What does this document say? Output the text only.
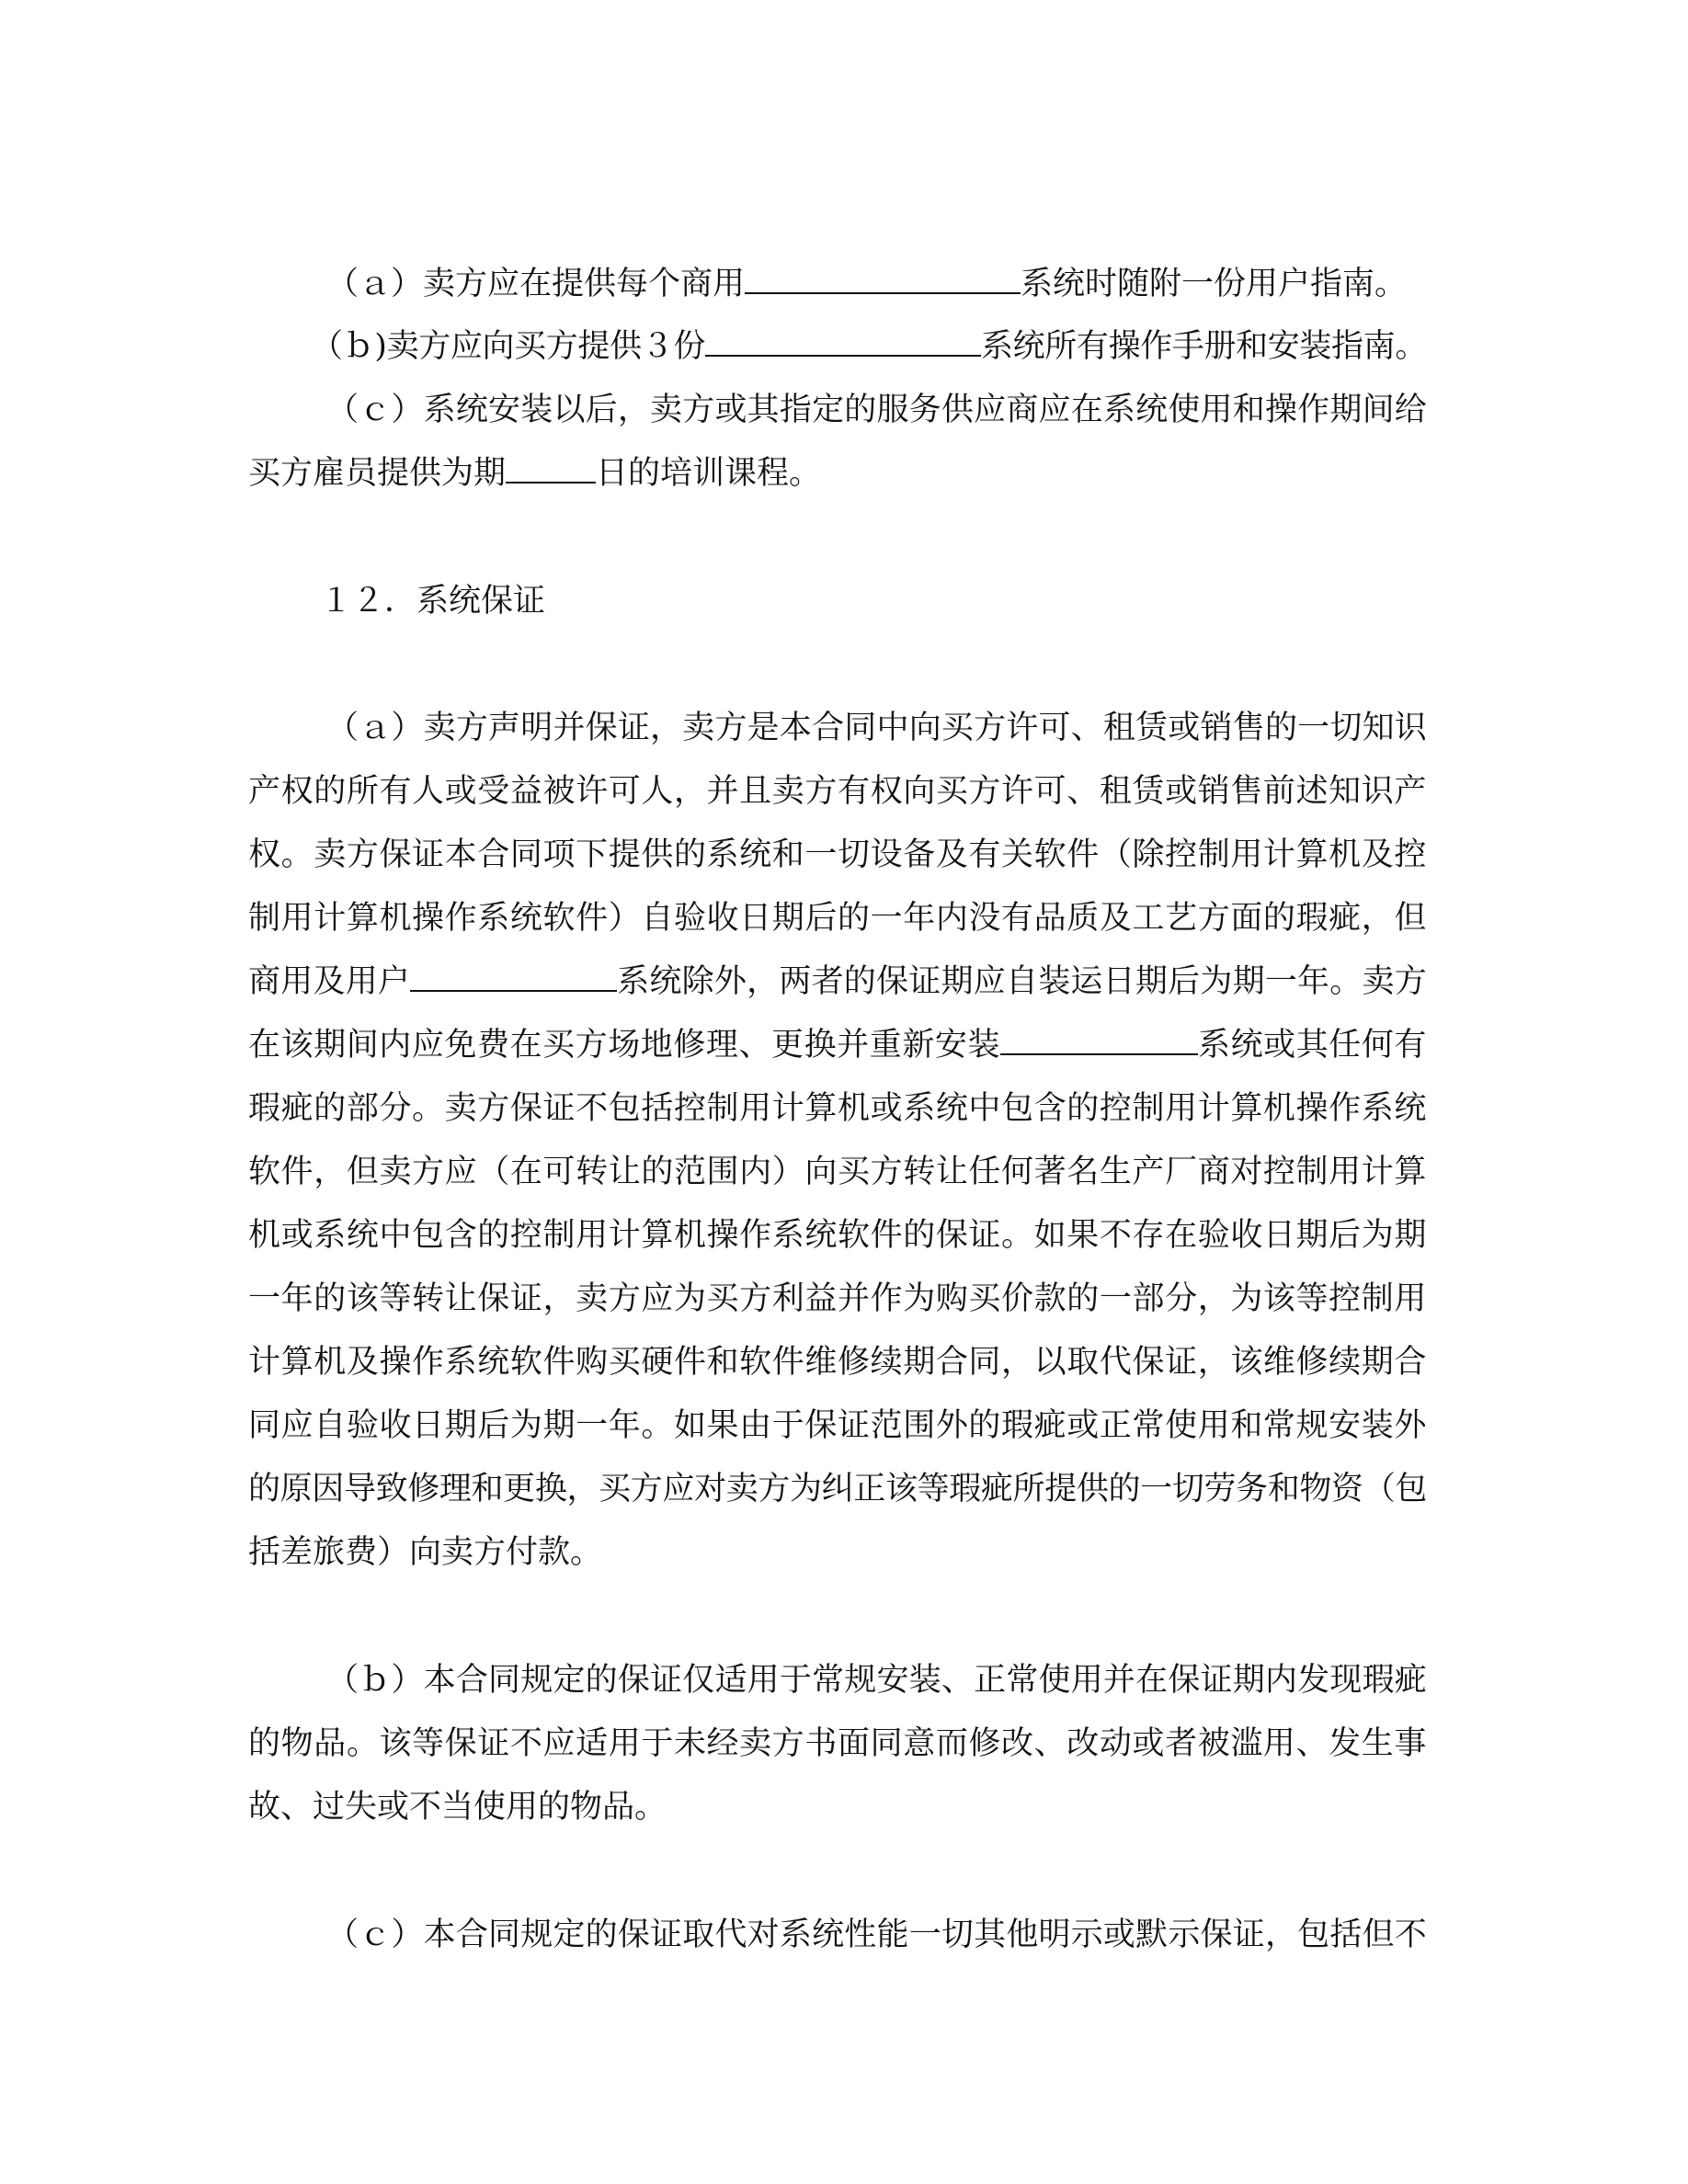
（ａ）卖方应在提供每个商用	系统时随附一份用户指南。
（ｂ)卖方应向买方提供３份	系统所有操作手册和安装指南。
（ｃ）系统安装以后，卖方或其指定的服务供应商应在系统使用和操作期间给
买方雇员提供为期	日的培训课程。
１２．系统保证
（ａ）卖方声明并保证，卖方是本合同中向买方许可、租赁或销售的一切知识
产权的所有人或受益被许可人，并且卖方有权向买方许可、租赁或销售前述知识产
权。卖方保证本合同项下提供的系统和一切设备及有关软件（除控制用计算机及控
制用计算机操作系统软件）自验收日期后的一年内没有品质及工艺方面的瑕疵，但
商用及用户	系统除外，两者的保证期应自装运日期后为期一年。卖方
在该期间内应免费在买方场地修理、更换并重新安装	系统或其任何有
瑕疵的部分。卖方保证不包括控制用计算机或系统中包含的控制用计算机操作系统
软件，但卖方应（在可转让的范围内）向买方转让任何著名生产厂商对控制用计算
机或系统中包含的控制用计算机操作系统软件的保证。如果不存在验收日期后为期
一年的该等转让保证，卖方应为买方利益并作为购买价款的一部分，为该等控制用
计算机及操作系统软件购买硬件和软件维修续期合同，以取代保证，该维修续期合
同应自验收日期后为期一年。如果由于保证范围外的瑕疵或正常使用和常规安装外
的原因导致修理和更换，买方应对卖方为纠正该等瑕疵所提供的一切劳务和物资（包
括差旅费）向卖方付款。
（ｂ）本合同规定的保证仅适用于常规安装、正常使用并在保证期内发现瑕疵
的物品。该等保证不应适用于未经卖方书面同意而修改、改动或者被滥用、发生事
故、过失或不当使用的物品。
（ｃ）本合同规定的保证取代对系统性能一切其他明示或默示保证，包括但不
